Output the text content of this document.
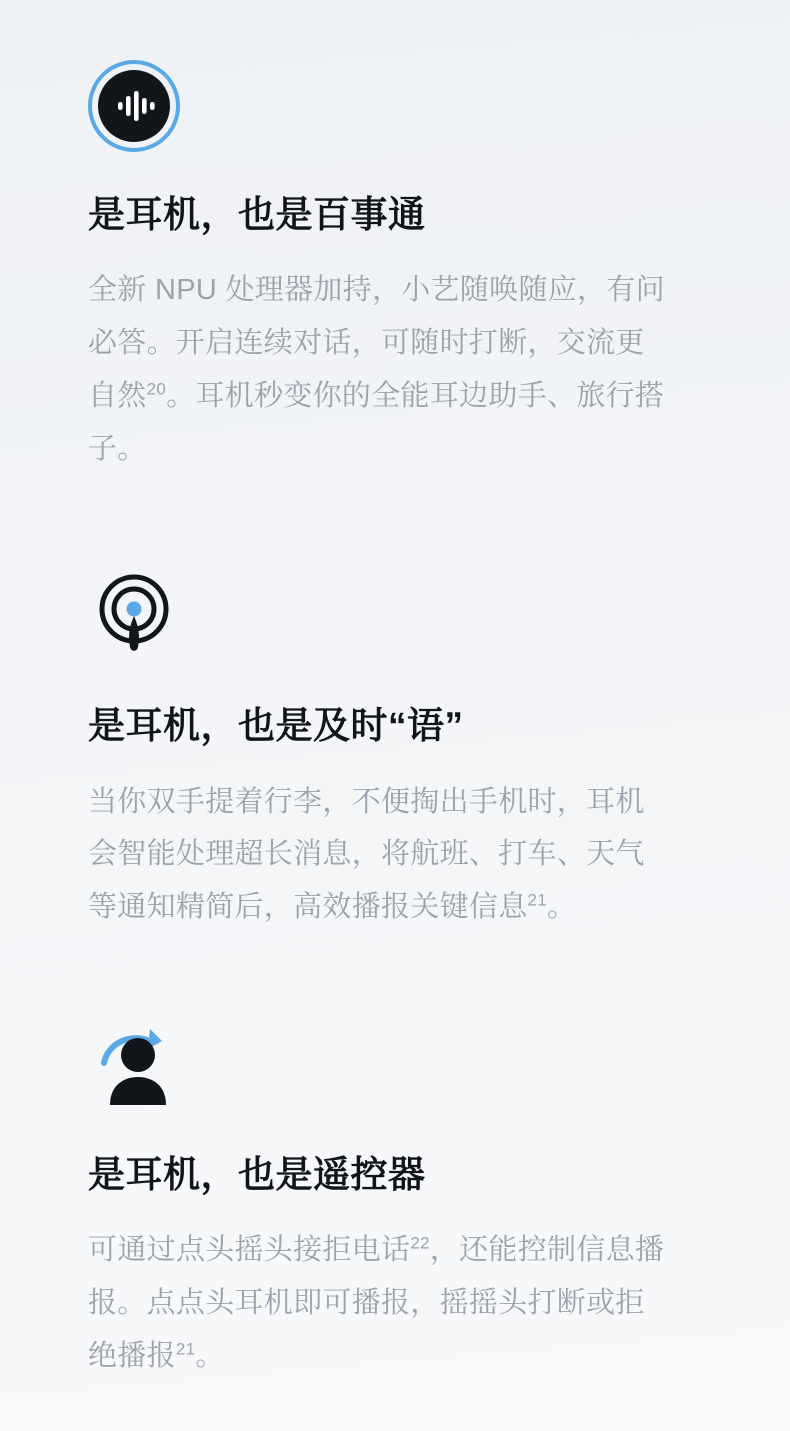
是耳机，也是百事通

全新 NPU 处理器加持，小艺随唤随应，有问必答。开启连续对话，可随时打断，交流更自然$^{20}$。耳机秒变你的全能耳边助手、旅行搭子。

是耳机，也是及时“语”

当你双手提着行李，不便掏出手机时，耳机会智能处理超长消息，将航班、打车、天气等通知精简后，高效播报关键信息$^{21}$。

是耳机，也是遥控器

可通过点头摇头接拒电话$^{22}$，还能控制信息播报。点点头耳机即可播报，摇摇头打断或拒绝播报$^{21}$。
